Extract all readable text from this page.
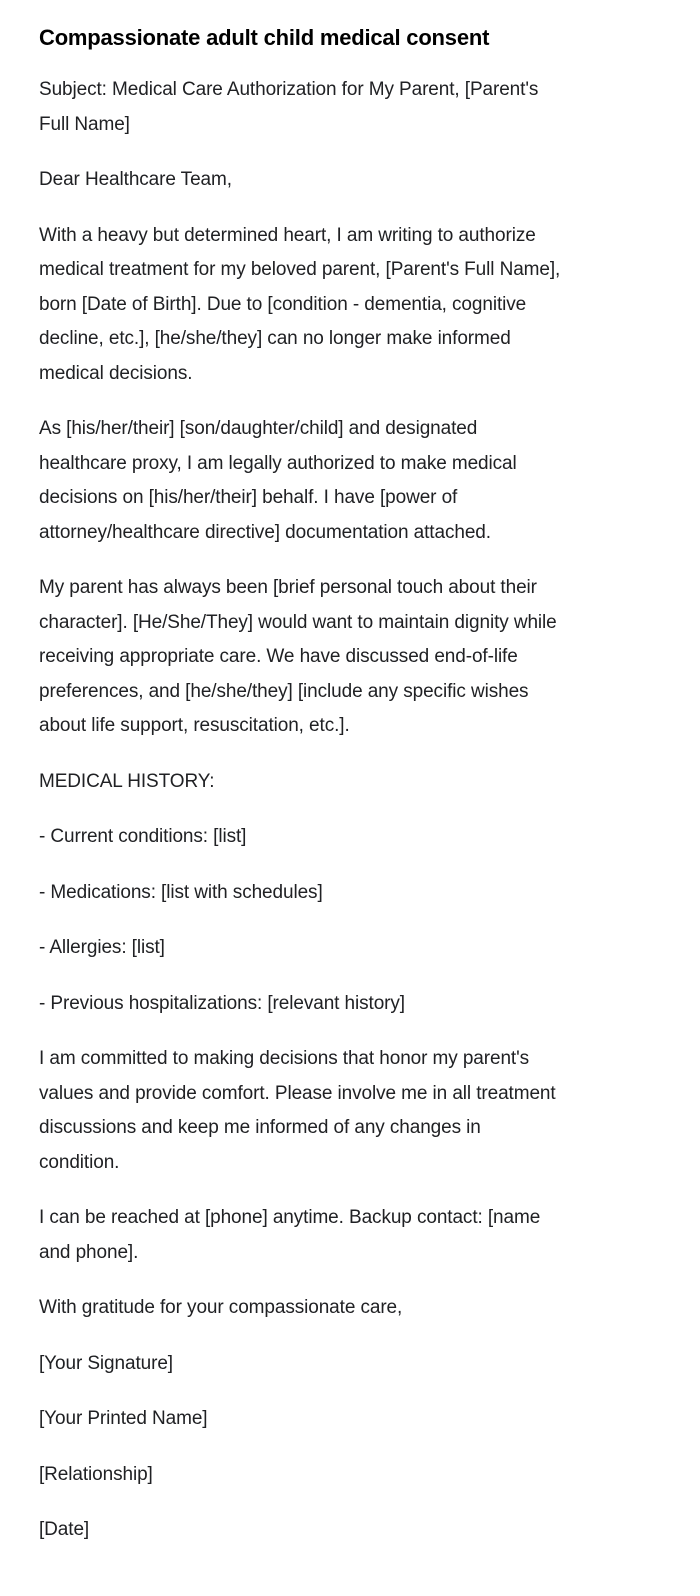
Compassionate adult child medical consent

Subject: Medical Care Authorization for My Parent, [Parent's
Full Name]

Dear Healthcare Team,

With a heavy but determined heart, I am writing to authorize
medical treatment for my beloved parent, [Parent's Full Name],
born [Date of Birth]. Due to [condition - dementia, cognitive
decline, etc.], [he/she/they] can no longer make informed
medical decisions.

As [his/her/their] [son/daughter/child] and designated
healthcare proxy, I am legally authorized to make medical
decisions on [his/her/their] behalf. I have [power of
attorney/healthcare directive] documentation attached.

My parent has always been [brief personal touch about their
character]. [He/She/They] would want to maintain dignity while
receiving appropriate care. We have discussed end-of-life
preferences, and [he/she/they] [include any specific wishes
about life support, resuscitation, etc.].

MEDICAL HISTORY:

- Current conditions: [list]

- Medications: [list with schedules]

- Allergies: [list]

- Previous hospitalizations: [relevant history]

I am committed to making decisions that honor my parent's
values and provide comfort. Please involve me in all treatment
discussions and keep me informed of any changes in
condition.

I can be reached at [phone] anytime. Backup contact: [name
and phone].

With gratitude for your compassionate care,

[Your Signature]

[Your Printed Name]

[Relationship]

[Date]
